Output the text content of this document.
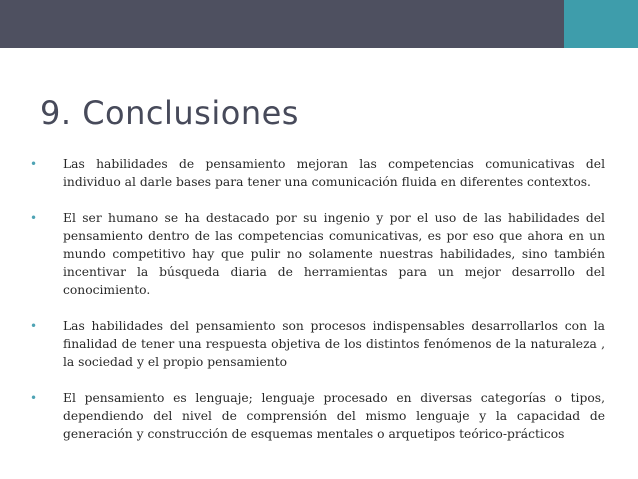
9. Conclusiones
• Las habilidades de pensamiento mejoran las competencias comunicativas del individuo al darle bases para tener una comunicación fluida en diferentes contextos.
• El ser humano se ha destacado por su ingenio y por el uso de las habilidades del pensamiento dentro de las competencias comunicativas, es por eso que ahora en un mundo competitivo hay que pulir no solamente nuestras habilidades, sino también incentivar la búsqueda diaria de herramientas para un mejor desarrollo del conocimiento.
• Las habilidades del pensamiento son procesos indispensables desarrollarlos con la finalidad de tener una respuesta objetiva de los distintos fenómenos de la naturaleza , la sociedad y el propio pensamiento
• El pensamiento es lenguaje; lenguaje procesado en diversas categorías o tipos, dependiendo del nivel de comprensión del mismo lenguaje y la capacidad de generación y construcción de esquemas mentales o arquetipos teórico-prácticos
